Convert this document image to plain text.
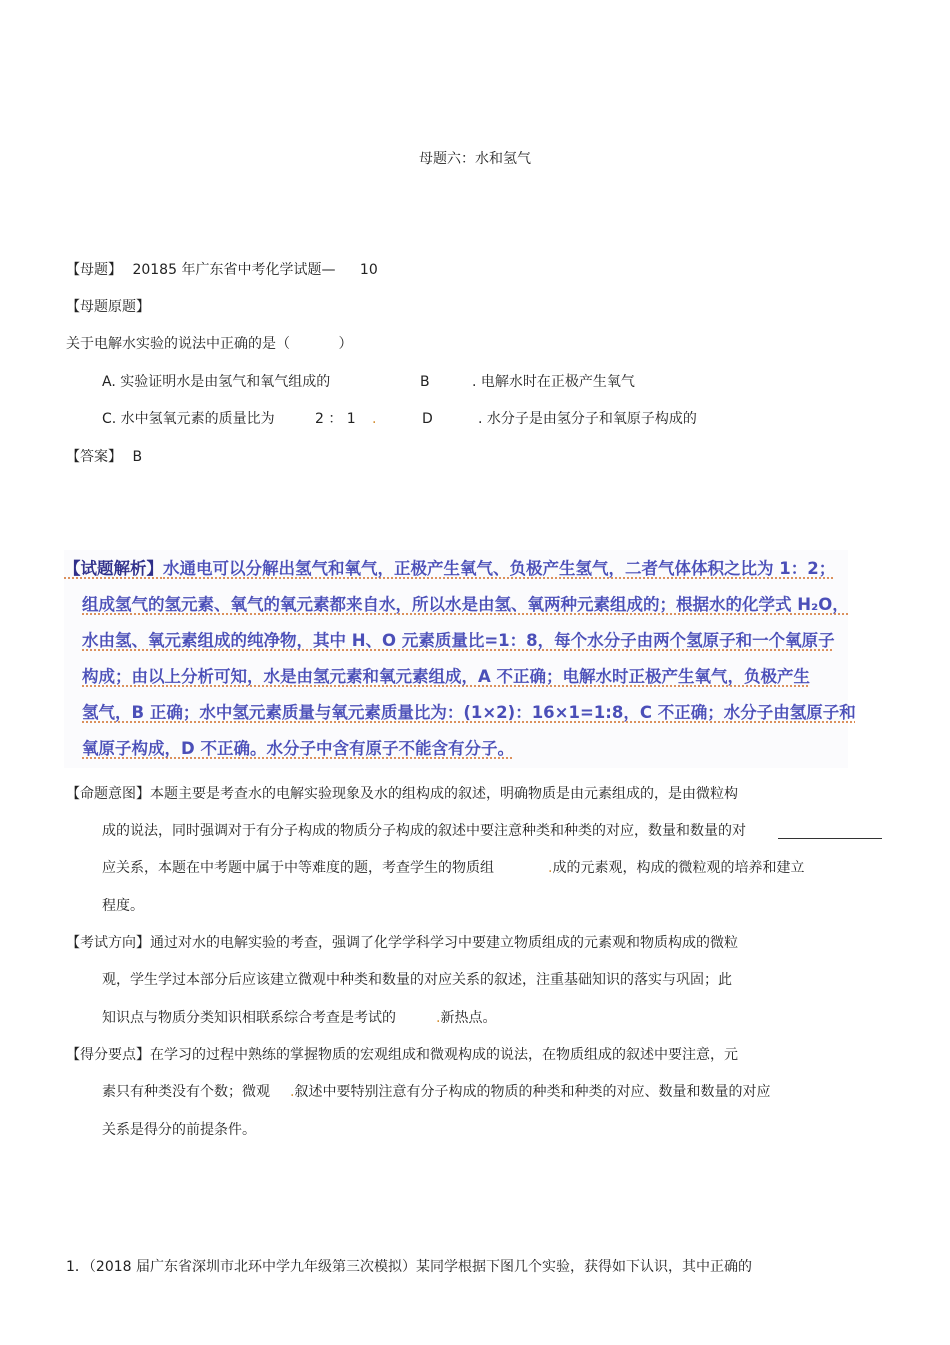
母题六：水和氢气
【母题】 20185 年广东省中考化学试题— 10
【母题原题】
关于电解水实验的说法中正确的是（	）
A. 实验证明水是由氢气和氧气组成的	B	. 电解水时在正极产生氧气
C. 水中氢氧元素的质量比为	2 ： 1 .	D	. 水分子是由氢分子和氧原子构成的
【答案】 B
【试题解析】水通电可以分解出氢气和氧气，正极产生氧气、负极产生氢气，二者气体体积之比为 1：2；
组成氢气的氢元素、氧气的氧元素都来自水，所以水是由氢、氧两种元素组成的；根据水的化学式 H₂O，
水由氢、氧元素组成的纯净物，其中 H、O 元素质量比=1：8，每个水分子由两个氢原子和一个氧原子
构成；由以上分析可知，水是由氢元素和氧元素组成，A 不正确；电解水时正极产生氧气，负极产生
氢气，B 正确；水中氢元素质量与氧元素质量比为：(1×2)：16×1=1:8，C 不正确；水分子由氢原子和
氧原子构成，D 不正确。水分子中含有原子不能含有分子。
【命题意图】本题主要是考查水的电解实验现象及水的组构成的叙述，明确物质是由元素组成的，是由微粒构
成的说法，同时强调对于有分子构成的物质分子构成的叙述中要注意种类和种类的对应，数量和数量的对
应关系，本题在中考题中属于中等难度的题，考查学生的物质组	.成的元素观，构成的微粒观的培养和建立
程度。
【考试方向】通过对水的电解实验的考查，强调了化学学科学习中要建立物质组成的元素观和物质构成的微粒
观，学生学过本部分后应该建立微观中种类和数量的对应关系的叙述，注重基础知识的落实与巩固；此
知识点与物质分类知识相联系综合考查是考试的	.新热点。
【得分要点】在学习的过程中熟练的掌握物质的宏观组成和微观构成的说法，在物质组成的叙述中要注意，元
素只有种类没有个数；微观 .叙述中要特别注意有分子构成的物质的种类和种类的对应、数量和数量的对应
关系是得分的前提条件。
1．（2018 届广东省深圳市北环中学九年级第三次模拟）某同学根据下图几个实验，获得如下认识，其中正确的
